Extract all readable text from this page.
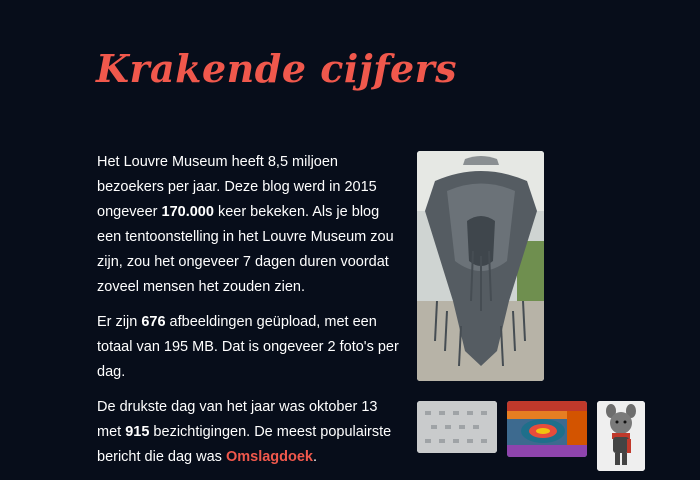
Krakende cijfers

Het Louvre Museum heeft 8,5 miljoen bezoekers per jaar. Deze blog werd in 2015 ongeveer 170.000 keer bekeken. Als je blog een tentoonstelling in het Louvre Museum zou zijn, zou het ongeveer 7 dagen duren voordat zoveel mensen het zouden zien.

Er zijn 676 afbeeldingen geüpload, met een totaal van 195 MB. Dat is ongeveer 2 foto's per dag.

De drukste dag van het jaar was oktober 13 met 915 bezichtigingen. De meest populairste bericht die dag was Omslagdoek.
